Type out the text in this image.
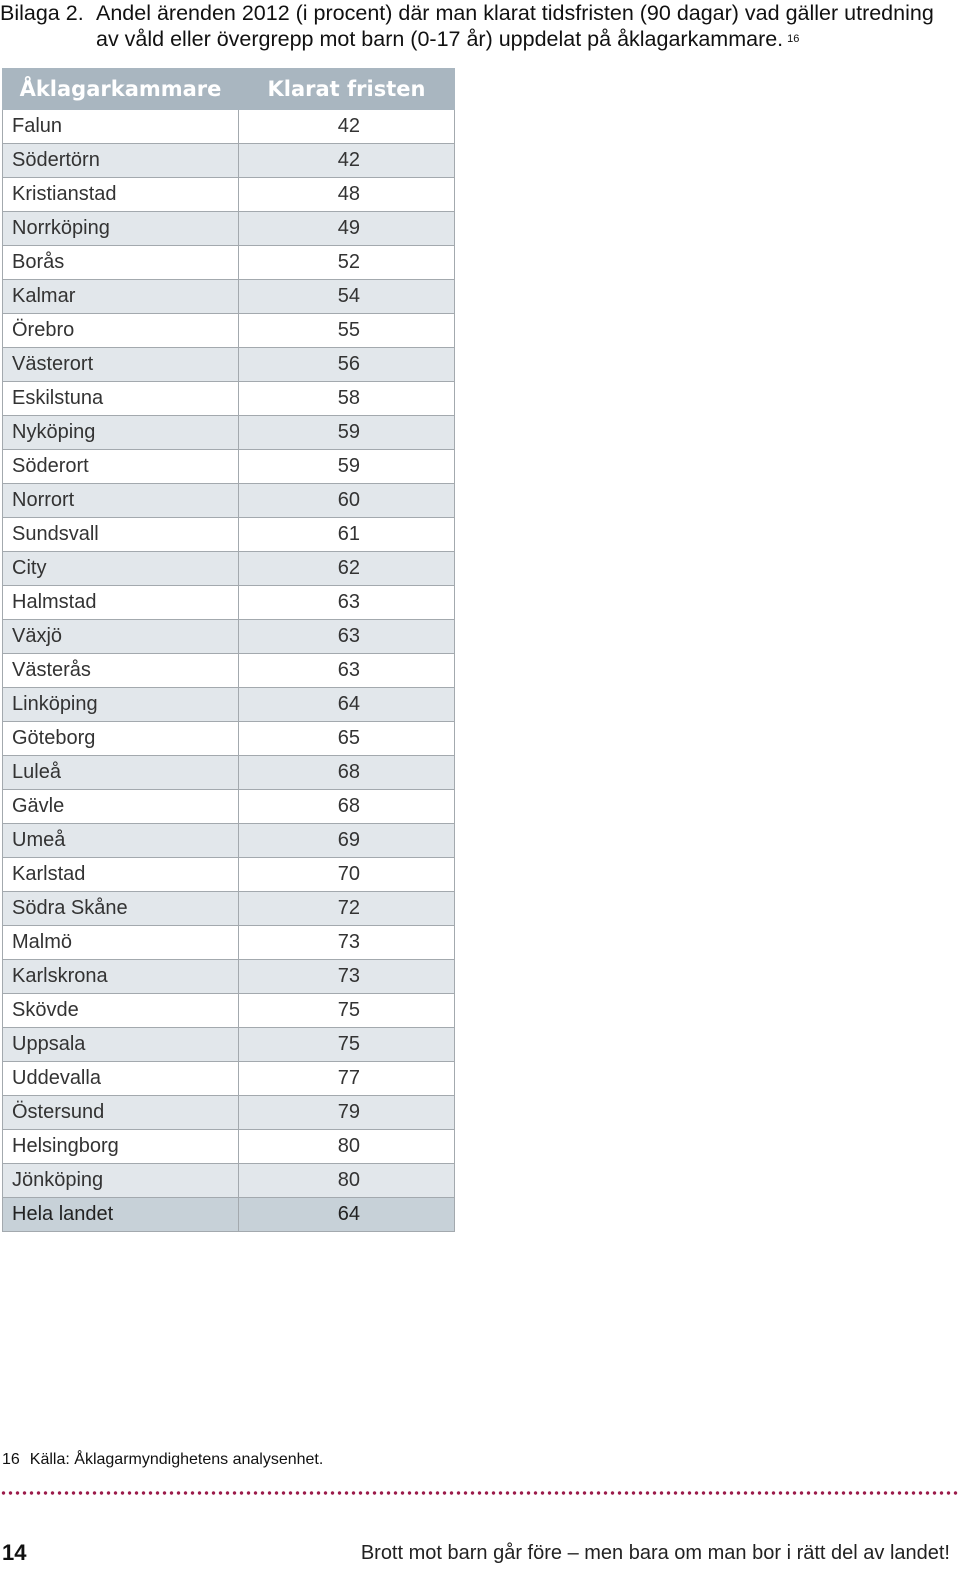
Bilaga 2. Andel ärenden 2012 (i procent) där man klarat tidsfristen (90 dagar) vad gäller utredning av våld eller övergrepp mot barn (0-17 år) uppdelat på åklagarkammare. $^{16}$
Åklagarkammare	Klarat fristen
Falun	42
Södertörn	42
Kristianstad	48
Norrköping	49
Borås	52
Kalmar	54
Örebro	55
Västerort	56
Eskilstuna	58
Nyköping	59
Söderort	59
Norrort	60
Sundsvall	61
City	62
Halmstad	63
Växjö	63
Västerås	63
Linköping	64
Göteborg	65
Luleå	68
Gävle	68
Umeå	69
Karlstad	70
Södra Skåne	72
Malmö	73
Karlskrona	73
Skövde	75
Uppsala	75
Uddevalla	77
Östersund	79
Helsingborg	80
Jönköping	80
Hela landet	64
16 Källa: Åklagarmyndighetens analysenhet.
14	Brott mot barn går före – men bara om man bor i rätt del av landet!
